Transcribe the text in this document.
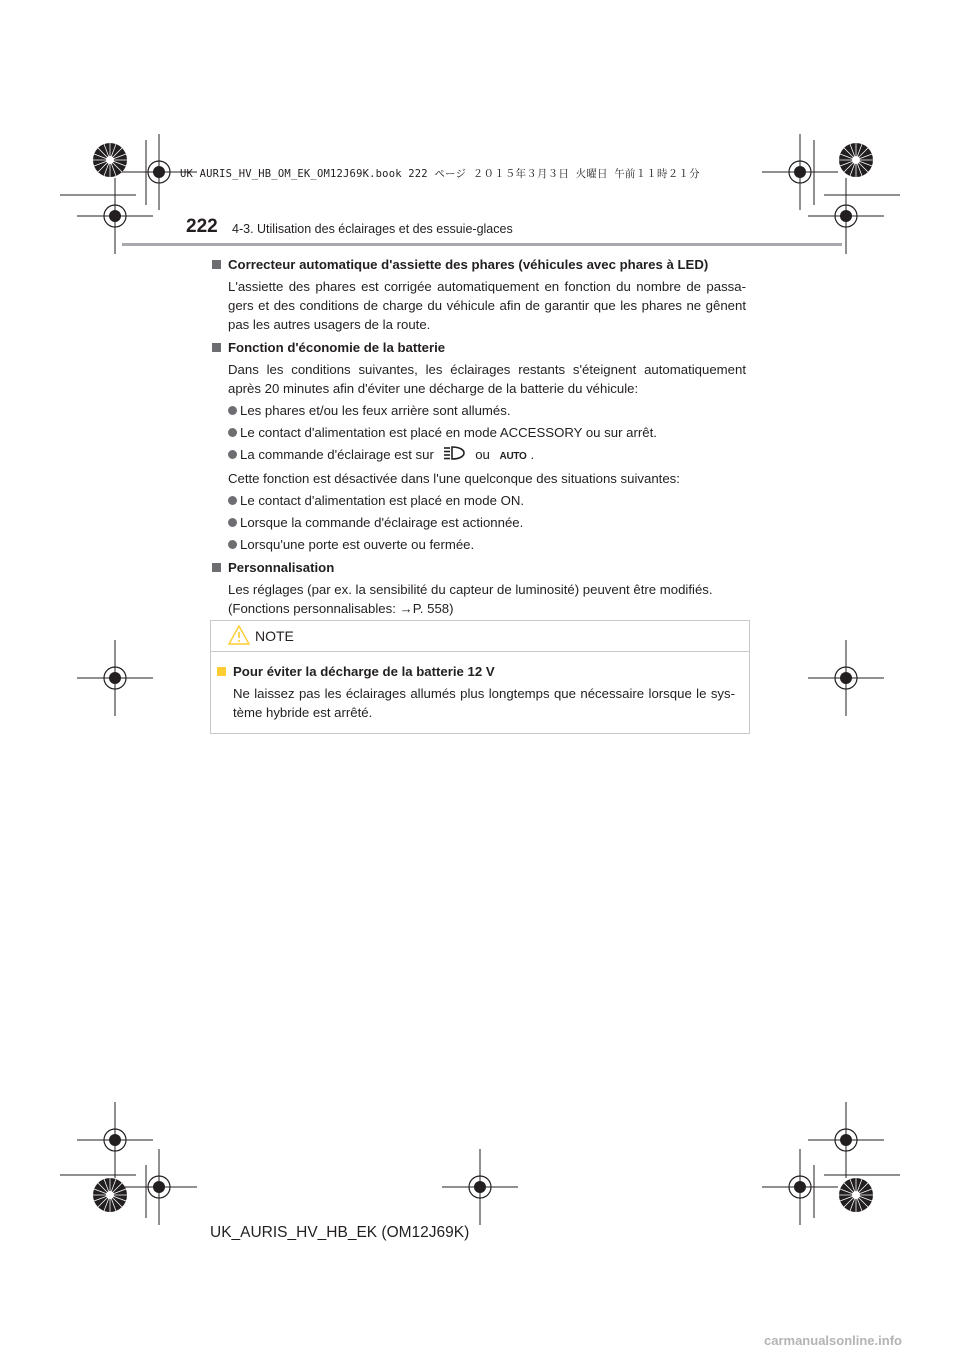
UK AURIS_HV_HB_OM_EK_OM12J69K.book 222 ページ ２０１５年３月３日 火曜日 午前１１時２１分
222 4-3. Utilisation des éclairages et des essuie-glaces
Correcteur automatique d'assiette des phares (véhicules avec phares à LED)
L'assiette des phares est corrigée automatiquement en fonction du nombre de passa-gers et des conditions de charge du véhicule afin de garantir que les phares ne gênent pas les autres usagers de la route.
Fonction d'économie de la batterie
Dans les conditions suivantes, les éclairages restants s'éteignent automatiquement après 20 minutes afin d'éviter une décharge de la batterie du véhicule:
Les phares et/ou les feux arrière sont allumés.
Le contact d'alimentation est placé en mode ACCESSORY ou sur arrêt.
La commande d'éclairage est sur	ou AUTO .
Cette fonction est désactivée dans l'une quelconque des situations suivantes:
Le contact d'alimentation est placé en mode ON.
Lorsque la commande d'éclairage est actionnée.
Lorsqu'une porte est ouverte ou fermée.
Personnalisation
Les réglages (par ex. la sensibilité du capteur de luminosité) peuvent être modifiés.
(Fonctions personnalisables: →P. 558)
NOTE
Pour éviter la décharge de la batterie 12 V
Ne laissez pas les éclairages allumés plus longtemps que nécessaire lorsque le sys-tème hybride est arrêté.
UK_AURIS_HV_HB_EK (OM12J69K)
carmanualsonline.info
